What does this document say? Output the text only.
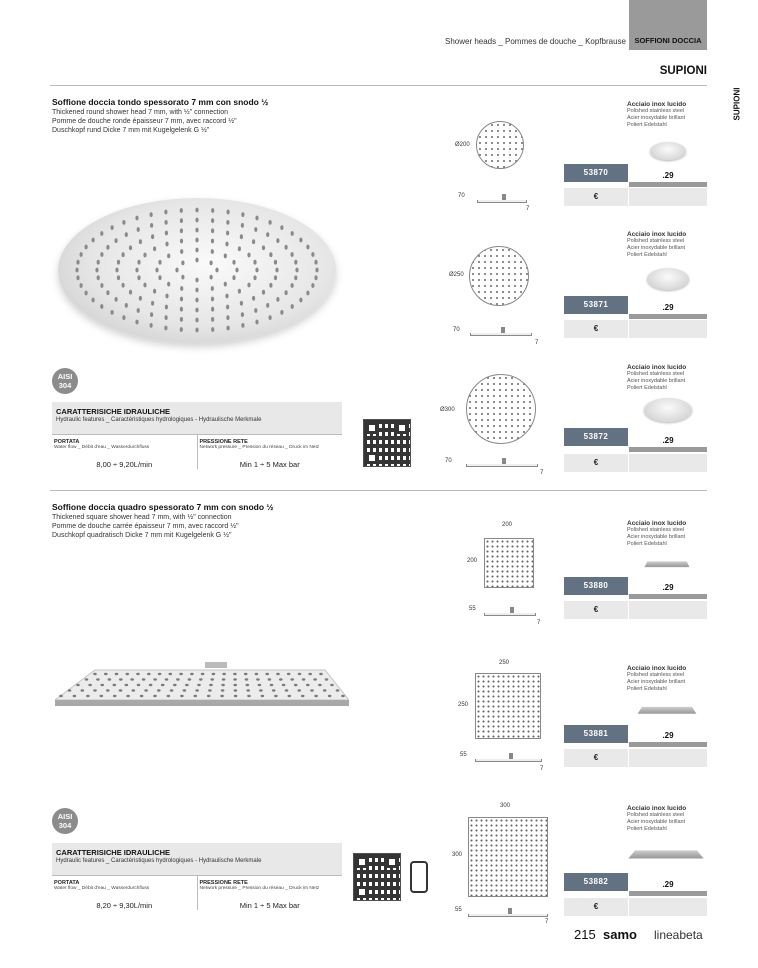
Shower heads _ Pommes de douche _ Kopfbrause	SOFFIONI DOCCIA
SUPIONI
SUPIONI
Soffione doccia tondo spessorato 7 mm con snodo ½
Thickened round shower head 7 mm, with ½" connection
Pomme de douche ronde épaisseur 7 mm, avec raccord ½"
Duschkopf rund Dicke 7 mm mit Kugelgelenk G ½"
AISI 304
CARATTERISICHE IDRAULICHE
Hydraulic features _ Caractéristiques hydrologiques - Hydraulische Merkmale
PORTATA
Water flow _ Débit d'eau _ Wasserdurchfluss
8,00 ÷ 9,20L/min
PRESSIONE RETE
Network pressure _ Pression du réseau _ Druck im Netz
Min 1 ÷ 5 Max bar
Ø200
70
7
Ø250
70
7
Ø300
70
7
Acciaio inox lucido
Polished stainless steel
Acier inoxydable brillant
Poliert Edelstahl
53870	.29
€
Acciaio inox lucido
Polished stainless steel
Acier inoxydable brillant
Poliert Edelstahl
53871	.29
€
Acciaio inox lucido
Polished stainless steel
Acier inoxydable brillant
Poliert Edelstahl
53872	.29
€
Soffione doccia quadro spessorato 7 mm con snodo ½
Thickened square shower head 7 mm, with ½" connection
Pomme de douche carrée épaisseur 7 mm, avec raccord ½"
Duschkopf quadratisch Dicke 7 mm mit Kugelgelenk G ½"
AISI 304
CARATTERISICHE IDRAULICHE
Hydraulic features _ Caractéristiques hydrologiques - Hydraulische Merkmale
PORTATA
Water flow _ Débit d'eau _ Wasserdurchfluss
8,20 ÷ 9,30L/min
PRESSIONE RETE
Network pressure _ Pression du réseau _ Druck im Netz
Min 1 ÷ 5 Max bar
200
200
55
7
250
250
55
7
300
300
55
7
Acciaio inox lucido
Polished stainless steel
Acier inoxydable brillant
Poliert Edelstahl
53880	.29
€
Acciaio inox lucido
Polished stainless steel
Acier inoxydable brillant
Poliert Edelstahl
53881	.29
€
Acciaio inox lucido
Polished stainless steel
Acier inoxydable brillant
Poliert Edelstahl
53882	.29
€
215 samo lineabeta
